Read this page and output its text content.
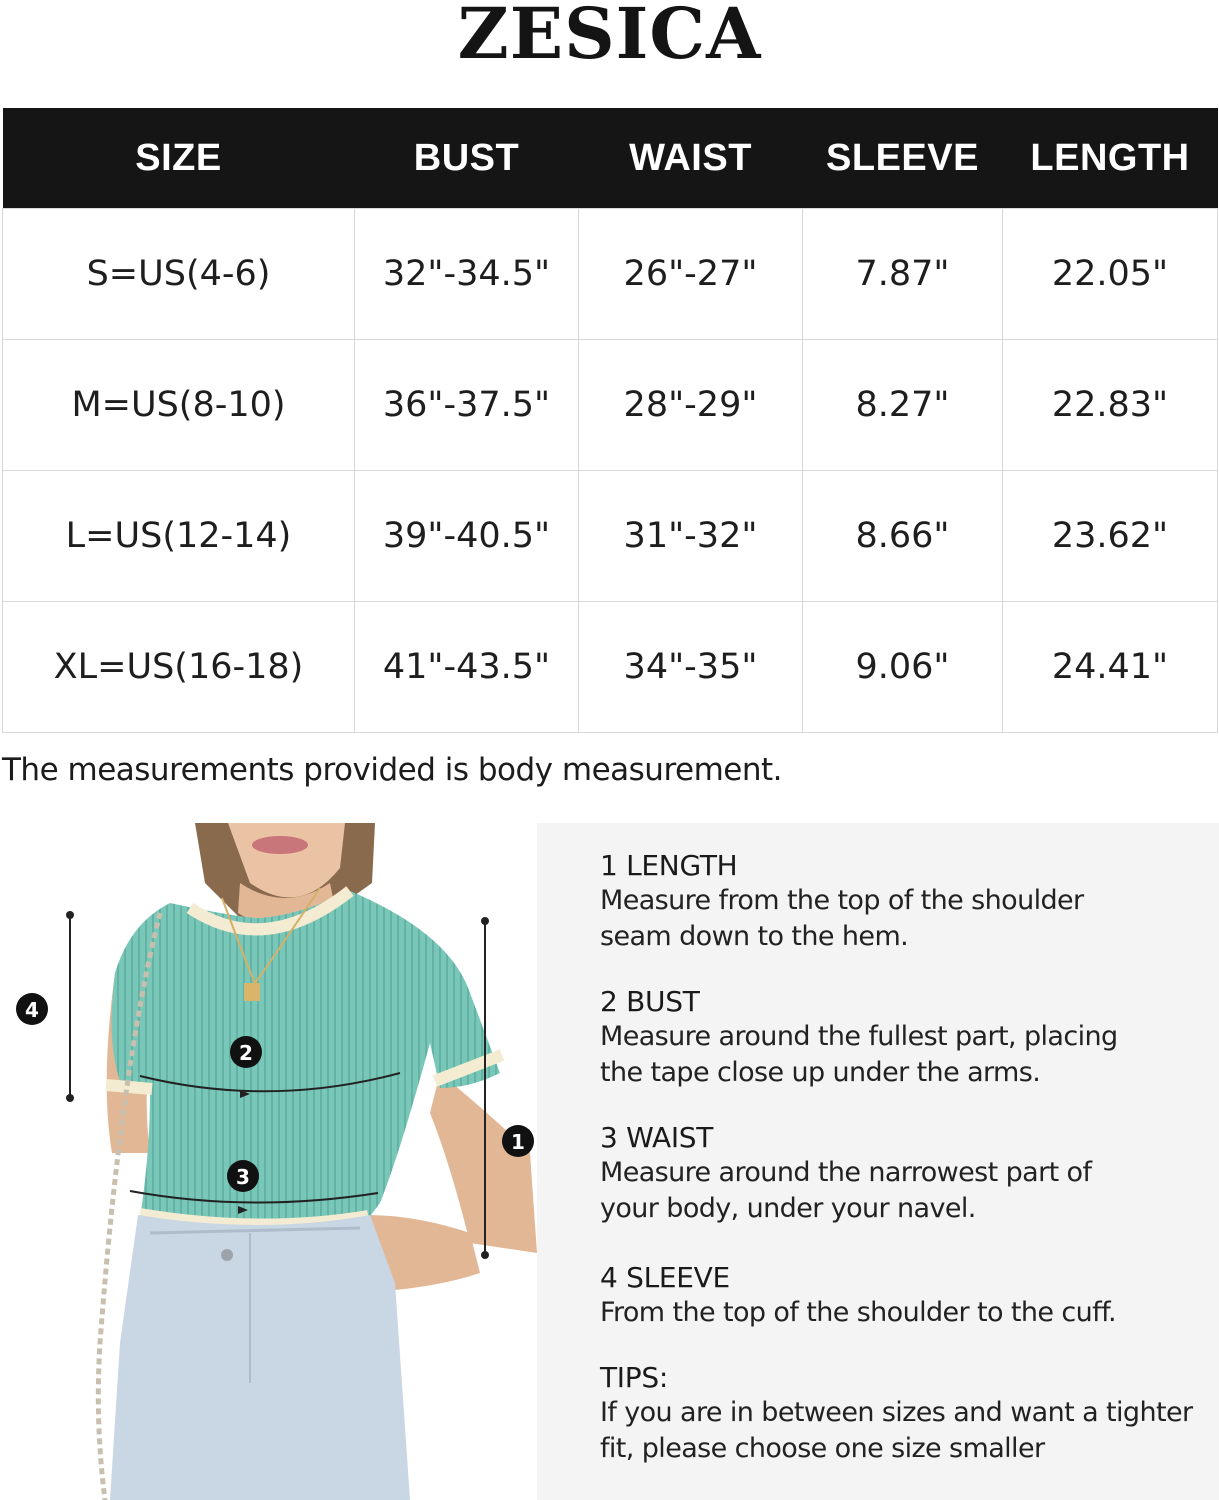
ZESICA
SIZE	BUST	WAIST	SLEEVE	LENGTH
S=US(4-6)	32"-34.5"	26"-27"	7.87"	22.05"
M=US(8-10)	36"-37.5"	28"-29"	8.27"	22.83"
L=US(12-14)	39"-40.5"	31"-32"	8.66"	23.62"
XL=US(16-18)	41"-43.5"	34"-35"	9.06"	24.41"
The measurements provided is body measurement.
1
2
3
4
1 LENGTH
Measure from the top of the shoulder seam down to the hem.
2 BUST
Measure around the fullest part, placing the tape close up under the arms.
3 WAIST
Measure around the narrowest part of your body, under your navel.
4 SLEEVE
From the top of the shoulder to the cuff.
TIPS:
If you are in between sizes and want a tighter fit, please choose one size smaller
